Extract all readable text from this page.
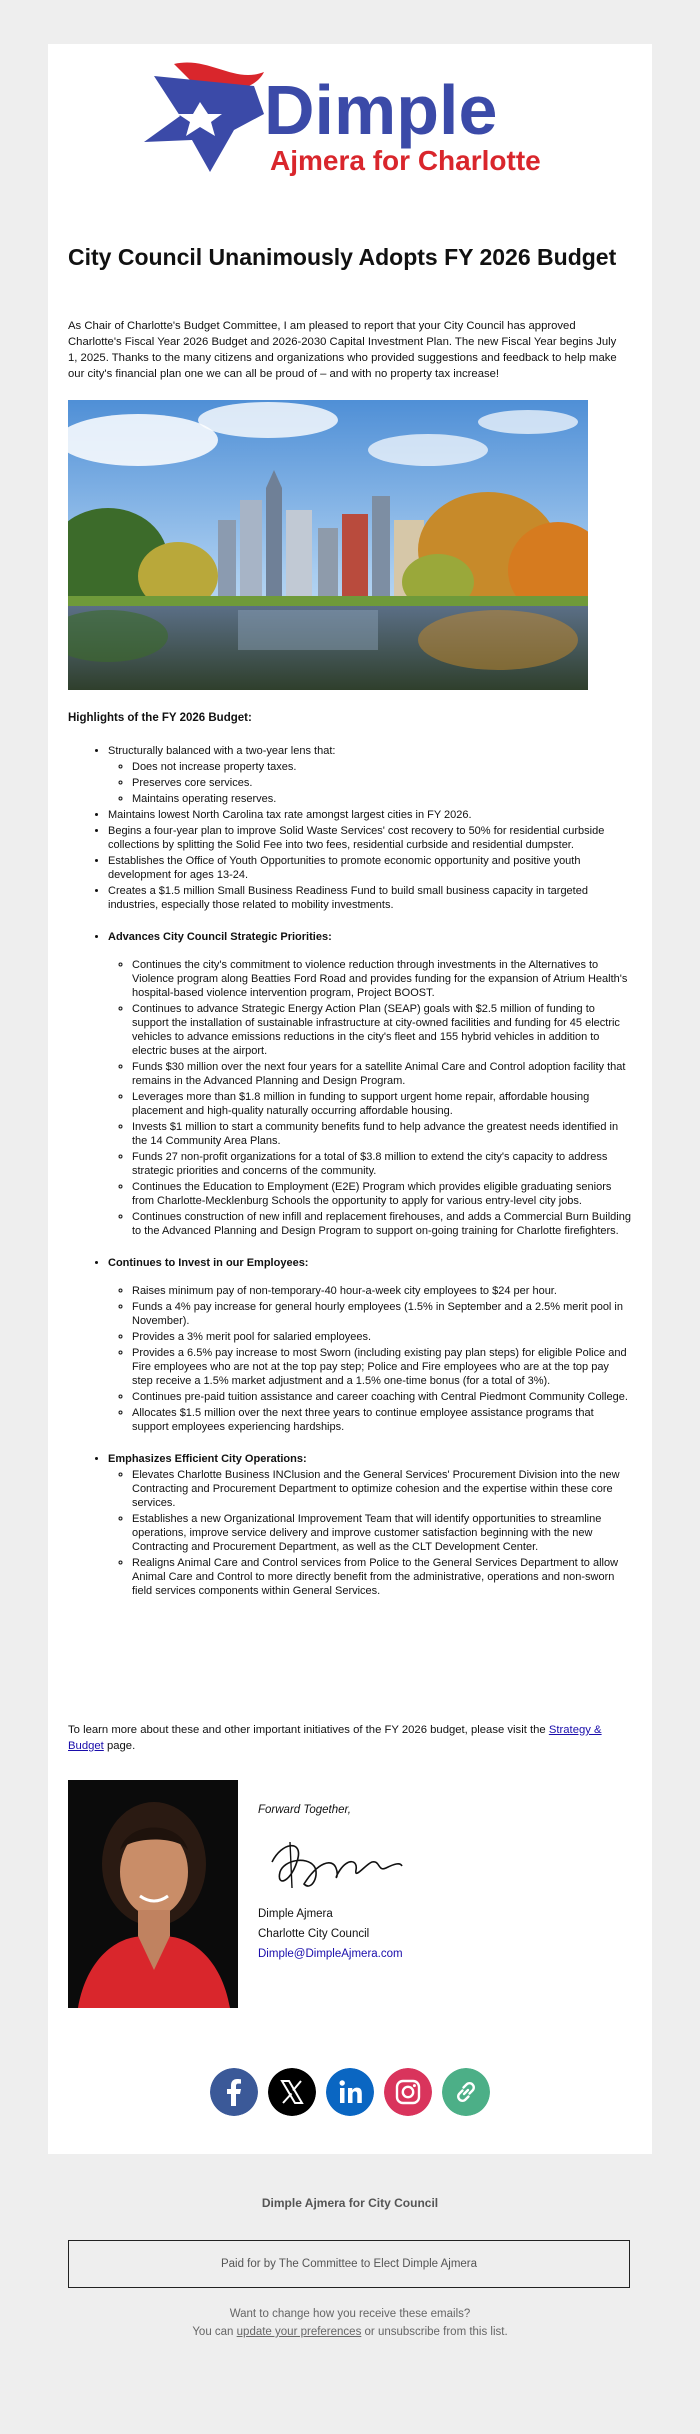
Dimple
Ajmera for Charlotte
City Council Unanimously Adopts FY 2026 Budget

As Chair of Charlotte's Budget Committee, I am pleased to report that your City Council has approved Charlotte's Fiscal Year 2026 Budget and 2026-2030 Capital Investment Plan. The new Fiscal Year begins July 1, 2025. Thanks to the many citizens and organizations who provided suggestions and feedback to help make our city's financial plan one we can all be proud of – and with no property tax increase!

Highlights of the FY 2026 Budget:

• Structurally balanced with a two-year lens that:
◦ Does not increase property taxes.
◦ Preserves core services.
◦ Maintains operating reserves.
• Maintains lowest North Carolina tax rate amongst largest cities in FY 2026.
• Begins a four-year plan to improve Solid Waste Services' cost recovery to 50% for residential curbside collections by splitting the Solid Fee into two fees, residential curbside and residential dumpster.
• Establishes the Office of Youth Opportunities to promote economic opportunity and positive youth development for ages 13-24.
• Creates a $1.5 million Small Business Readiness Fund to build small business capacity in targeted industries, especially those related to mobility investments.
• Advances City Council Strategic Priorities:
◦ Continues the city's commitment to violence reduction through investments in the Alternatives to Violence program along Beatties Ford Road and provides funding for the expansion of Atrium Health's hospital-based violence intervention program, Project BOOST.
◦ Continues to advance Strategic Energy Action Plan (SEAP) goals with $2.5 million of funding to support the installation of sustainable infrastructure at city-owned facilities and funding for 45 electric vehicles to advance emissions reductions in the city's fleet and 155 hybrid vehicles in addition to electric buses at the airport.
◦ Funds $30 million over the next four years for a satellite Animal Care and Control adoption facility that remains in the Advanced Planning and Design Program.
◦ Leverages more than $1.8 million in funding to support urgent home repair, affordable housing placement and high-quality naturally occurring affordable housing.
◦ Invests $1 million to start a community benefits fund to help advance the greatest needs identified in the 14 Community Area Plans.
◦ Funds 27 non-profit organizations for a total of $3.8 million to extend the city's capacity to address strategic priorities and concerns of the community.
◦ Continues the Education to Employment (E2E) Program which provides eligible graduating seniors from Charlotte-Mecklenburg Schools the opportunity to apply for various entry-level city jobs.
◦ Continues construction of new infill and replacement firehouses, and adds a Commercial Burn Building to the Advanced Planning and Design Program to support on-going training for Charlotte firefighters.
• Continues to Invest in our Employees:
◦ Raises minimum pay of non-temporary-40 hour-a-week city employees to $24 per hour.
◦ Funds a 4% pay increase for general hourly employees (1.5% in September and a 2.5% merit pool in November).
◦ Provides a 3% merit pool for salaried employees.
◦ Provides a 6.5% pay increase to most Sworn (including existing pay plan steps) for eligible Police and Fire employees who are not at the top pay step; Police and Fire employees who are at the top pay step receive a 1.5% market adjustment and a 1.5% one-time bonus (for a total of 3%).
◦ Continues pre-paid tuition assistance and career coaching with Central Piedmont Community College.
◦ Allocates $1.5 million over the next three years to continue employee assistance programs that support employees experiencing hardships.
• Emphasizes Efficient City Operations:
◦ Elevates Charlotte Business INClusion and the General Services' Procurement Division into the new Contracting and Procurement Department to optimize cohesion and the expertise within these core services.
◦ Establishes a new Organizational Improvement Team that will identify opportunities to streamline operations, improve service delivery and improve customer satisfaction beginning with the new Contracting and Procurement Department, as well as the CLT Development Center.
◦ Realigns Animal Care and Control services from Police to the General Services Department to allow Animal Care and Control to more directly benefit from the administrative, operations and non-sworn field services components within General Services.

To learn more about these and other important initiatives of the FY 2026 budget, please visit the Strategy & Budget page.

Forward Together,
Dimple Ajmera
Charlotte City Council
Dimple@DimpleAjmera.com
Dimple Ajmera for City Council
Paid for by The Committee to Elect Dimple Ajmera
Want to change how you receive these emails?
You can update your preferences or unsubscribe from this list.
